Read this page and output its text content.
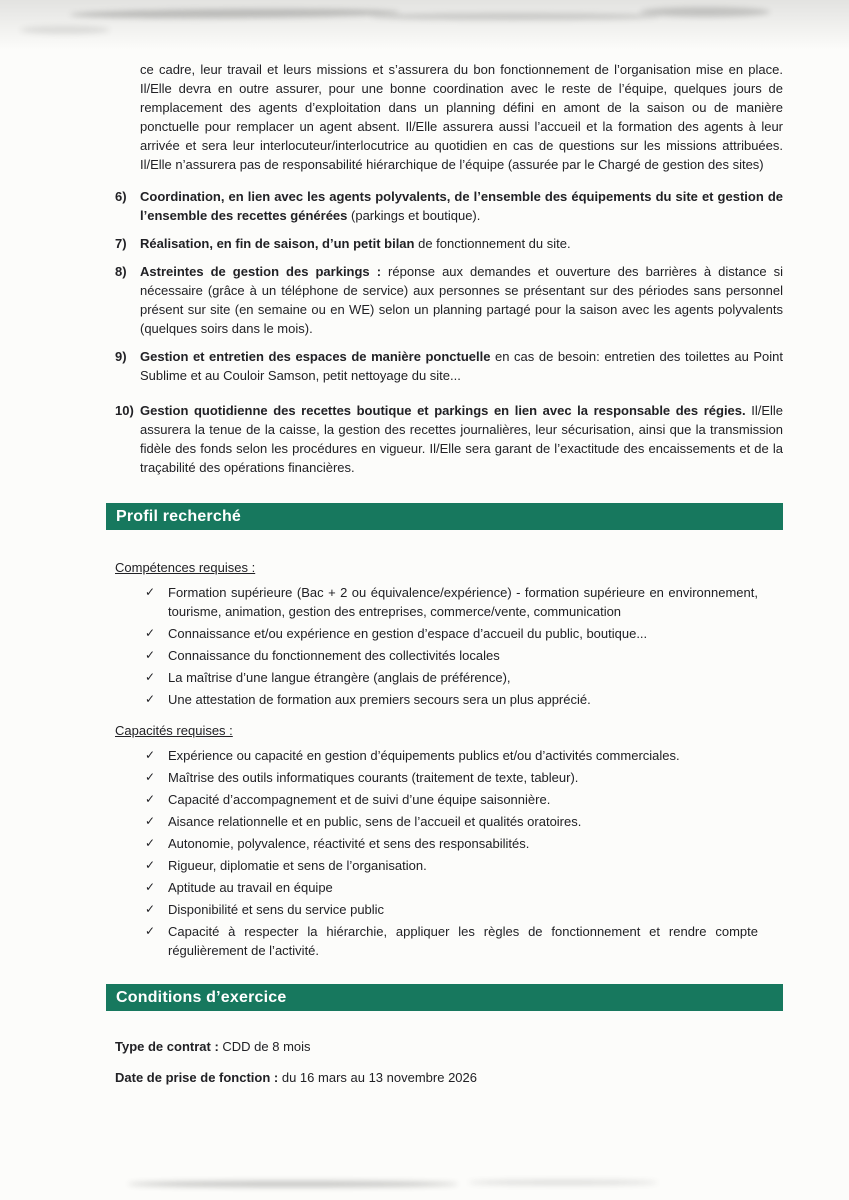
ce cadre, leur travail et leurs missions et s’assurera du bon fonctionnement de l’organisation mise en place. Il/Elle devra en outre assurer, pour une bonne coordination avec le reste de l’équipe, quelques jours de remplacement des agents d’exploitation dans un planning défini en amont de la saison ou de manière ponctuelle pour remplacer un agent absent. Il/Elle assurera aussi l’accueil et la formation des agents à leur arrivée et sera leur interlocuteur/interlocutrice au quotidien en cas de questions sur les missions attribuées. Il/Elle n’assurera pas de responsabilité hiérarchique de l’équipe (assurée par le Chargé de gestion des sites)

6)	Coordination, en lien avec les agents polyvalents, de l’ensemble des équipements du site et gestion de l’ensemble des recettes générées (parkings et boutique).

7)	Réalisation, en fin de saison, d’un petit bilan de fonctionnement du site.

8)	Astreintes de gestion des parkings : réponse aux demandes et ouverture des barrières à distance si nécessaire (grâce à un téléphone de service) aux personnes se présentant sur des périodes sans personnel présent sur site (en semaine ou en WE) selon un planning partagé pour la saison avec les agents polyvalents (quelques soirs dans le mois).

9)	Gestion et entretien des espaces de manière ponctuelle en cas de besoin: entretien des toilettes au Point Sublime et au Couloir Samson, petit nettoyage du site...

10) Gestion quotidienne des recettes boutique et parkings en lien avec la responsable des régies. Il/Elle assurera la tenue de la caisse, la gestion des recettes journalières, leur sécurisation, ainsi que la transmission fidèle des fonds selon les procédures en vigueur. Il/Elle sera garant de l’exactitude des encaissements et de la traçabilité des opérations financières.

Profil recherché

Compétences requises :

✓ Formation supérieure (Bac + 2 ou équivalence/expérience) - formation supérieure en environnement, tourisme, animation, gestion des entreprises, commerce/vente, communication
✓ Connaissance et/ou expérience en gestion d’espace d’accueil du public, boutique...
✓ Connaissance du fonctionnement des collectivités locales
✓ La maîtrise d’une langue étrangère (anglais de préférence),
✓ Une attestation de formation aux premiers secours sera un plus apprécié.

Capacités requises :

✓ Expérience ou capacité en gestion d’équipements publics et/ou d’activités commerciales.
✓ Maîtrise des outils informatiques courants (traitement de texte, tableur).
✓ Capacité d’accompagnement et de suivi d’une équipe saisonnière.
✓ Aisance relationnelle et en public, sens de l’accueil et qualités oratoires.
✓ Autonomie, polyvalence, réactivité et sens des responsabilités.
✓ Rigueur, diplomatie et sens de l’organisation.
✓ Aptitude au travail en équipe
✓ Disponibilité et sens du service public
✓ Capacité à respecter la hiérarchie, appliquer les règles de fonctionnement et rendre compte régulièrement de l’activité.
Conditions d’exercice

Type de contrat : CDD de 8 mois

Date de prise de fonction : du 16 mars au 13 novembre 2026
